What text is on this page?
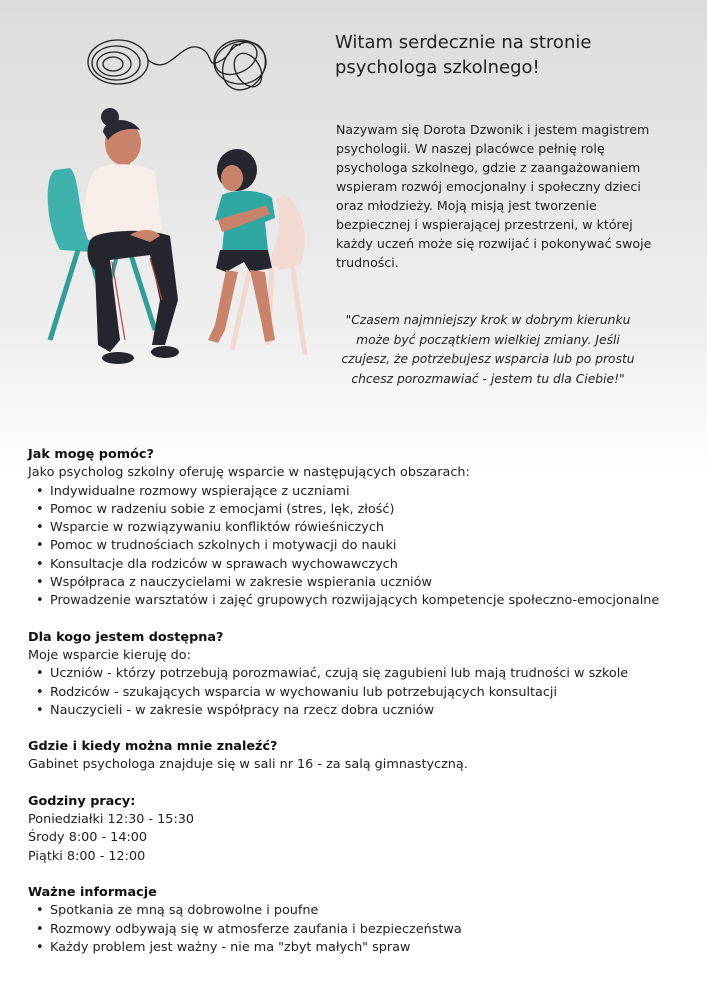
Witam serdecznie na stronie psychologa szkolnego!

Nazywam się Dorota Dzwonik i jestem magistrem psychologii. W naszej placówce pełnię rolę psychologa szkolnego, gdzie z zaangażowaniem wspieram rozwój emocjonalny i społeczny dzieci oraz młodzieży. Moją misją jest tworzenie bezpiecznej i wspierającej przestrzeni, w której każdy uczeń może się rozwijać i pokonywać swoje trudności.

"Czasem najmniejszy krok w dobrym kierunku może być początkiem wielkiej zmiany. Jeśli czujesz, że potrzebujesz wsparcia lub po prostu chcesz porozmawiać - jestem tu dla Ciebie!"

Jak mogę pomóc?

Jako psycholog szkolny oferuję wsparcie w następujących obszarach:

• Indywidualne rozmowy wspierające z uczniami
• Pomoc w radzeniu sobie z emocjami (stres, lęk, złość)
• Wsparcie w rozwiązywaniu konfliktów rówieśniczych
• Pomoc w trudnościach szkolnych i motywacji do nauki
• Konsultacje dla rodziców w sprawach wychowawczych
• Współpraca z nauczycielami w zakresie wspierania uczniów
• Prowadzenie warsztatów i zajęć grupowych rozwijających kompetencje społeczno-emocjonalne
Dla kogo jestem dostępna?

Moje wsparcie kieruję do:

• Uczniów - którzy potrzebują porozmawiać, czują się zagubieni lub mają trudności w szkole
• Rodziców - szukających wsparcia w wychowaniu lub potrzebujących konsultacji
• Nauczycieli - w zakresie współpracy na rzecz dobra uczniów
Gdzie i kiedy można mnie znaleźć?

Gabinet psychologa znajduje się w sali nr 16 - za salą gimnastyczną.

Godziny pracy:

Poniedziałki 12:30 - 15:30

Środy 8:00 - 14:00

Piątki 8:00 - 12:00

Ważne informacje
• Spotkania ze mną są dobrowolne i poufne
• Rozmowy odbywają się w atmosferze zaufania i bezpieczeństwa
• Każdy problem jest ważny - nie ma "zbyt małych" spraw
